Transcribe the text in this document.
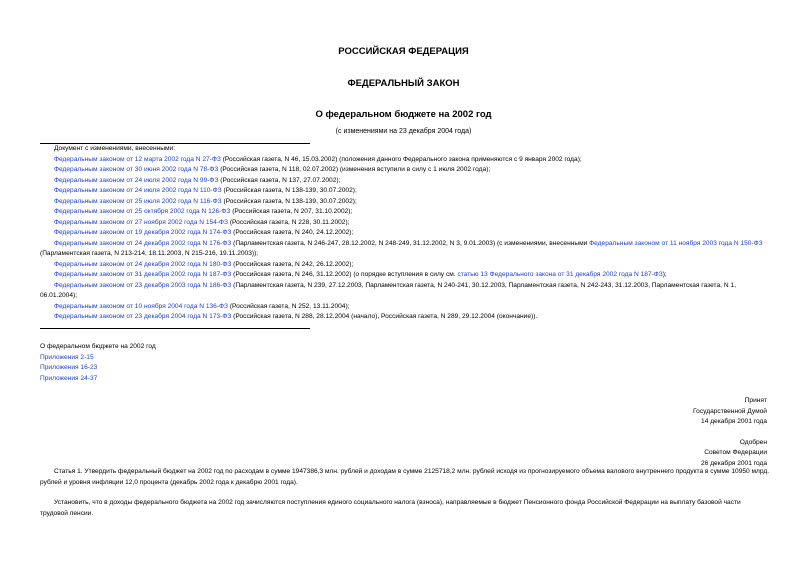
РОССИЙСКАЯ ФЕДЕРАЦИЯ
ФЕДЕРАЛЬНЫЙ ЗАКОН
О федеральном бюджете на 2002 год
(с изменениями на 23 декабря 2004 года)
Документ с изменениями, внесенными:
Федеральным законом от 12 марта 2002 года N 27-ФЗ (Российская газета, N 46, 15.03.2002) (положения данного Федерального закона применяются с 9 января 2002 года);
Федеральным законом от 30 июня 2002 года N 78-ФЗ (Российская газета, N 118, 02.07.2002) (изменения вступили в силу с 1 июля 2002 года);
Федеральным законом от 24 июля 2002 года N 99-ФЗ (Российская газета, N 137, 27.07.2002);
Федеральным законом от 24 июля 2002 года N 110-ФЗ (Российская газета, N 138-139, 30.07.2002);
Федеральным законом от 25 июля 2002 года N 116-ФЗ (Российская газета, N 138-139, 30.07.2002);
Федеральным законом от 25 октября 2002 года N 126-ФЗ (Российская газета, N 207, 31.10.2002);
Федеральным законом от 27 ноября 2002 года N 154-ФЗ (Российская газета, N 228, 30.11.2002);
Федеральным законом от 19 декабря 2002 года N 174-ФЗ (Российская газета, N 240, 24.12.2002);
Федеральным законом от 24 декабря 2002 года N 176-ФЗ (Парламентская газета, N 246-247, 28.12.2002, N 248-249, 31.12.2002, N 3, 9.01.2003) (с изменениями, внесенными Федеральным законом от 11 ноября 2003 года N 150-ФЗ (Парламентская газета, N 213-214, 18.11.2003, N 215-216, 19.11.2003));
Федеральным законом от 24 декабря 2002 года N 180-ФЗ (Российская газета, N 242, 26.12.2002);
Федеральным законом от 31 декабря 2002 года N 187-ФЗ (Российская газета, N 246, 31.12.2002) (о порядке вступления в силу см. статью 13 Федерального закона от 31 декабря 2002 года N 187-ФЗ);
Федеральным законом от 23 декабря 2003 года N 186-ФЗ (Парламентская газета, N 239, 27.12.2003, Парламентская газета, N 240-241, 30.12.2003, Парламентская газета, N 242-243, 31.12.2003, Парламентская газета, N 1, 06.01.2004);
Федеральным законом от 10 ноября 2004 года N 136-ФЗ (Российская газета, N 252, 13.11.2004);
Федеральным законом от 23 декабря 2004 года N 173-ФЗ (Российская газета, N 288, 28.12.2004 (начало), Российская газета, N 289, 29.12.2004 (окончание)).
О федеральном бюджете на 2002 год
Приложения 2-15
Приложения 16-23
Приложения 24-37
Принят
Государственной Думой
14 декабря 2001 года
Одобрен
Советом Федерации
26 декабря 2001 года
Статья 1. Утвердить федеральный бюджет на 2002 год по расходам в сумме 1947386,3 млн. рублей и доходам в сумме 2125718,2 млн. рублей исходя из прогнозируемого объема валового внутреннего продукта в сумме 10950 млрд. рублей и уровня инфляции 12,0 процента (декабрь 2002 года к декабрю 2001 года).
Установить, что в доходы федерального бюджета на 2002 год зачисляются поступления единого социального налога (взноса), направляемые в бюджет Пенсионного фонда Российской Федерации на выплату базовой части трудовой пенсии.
